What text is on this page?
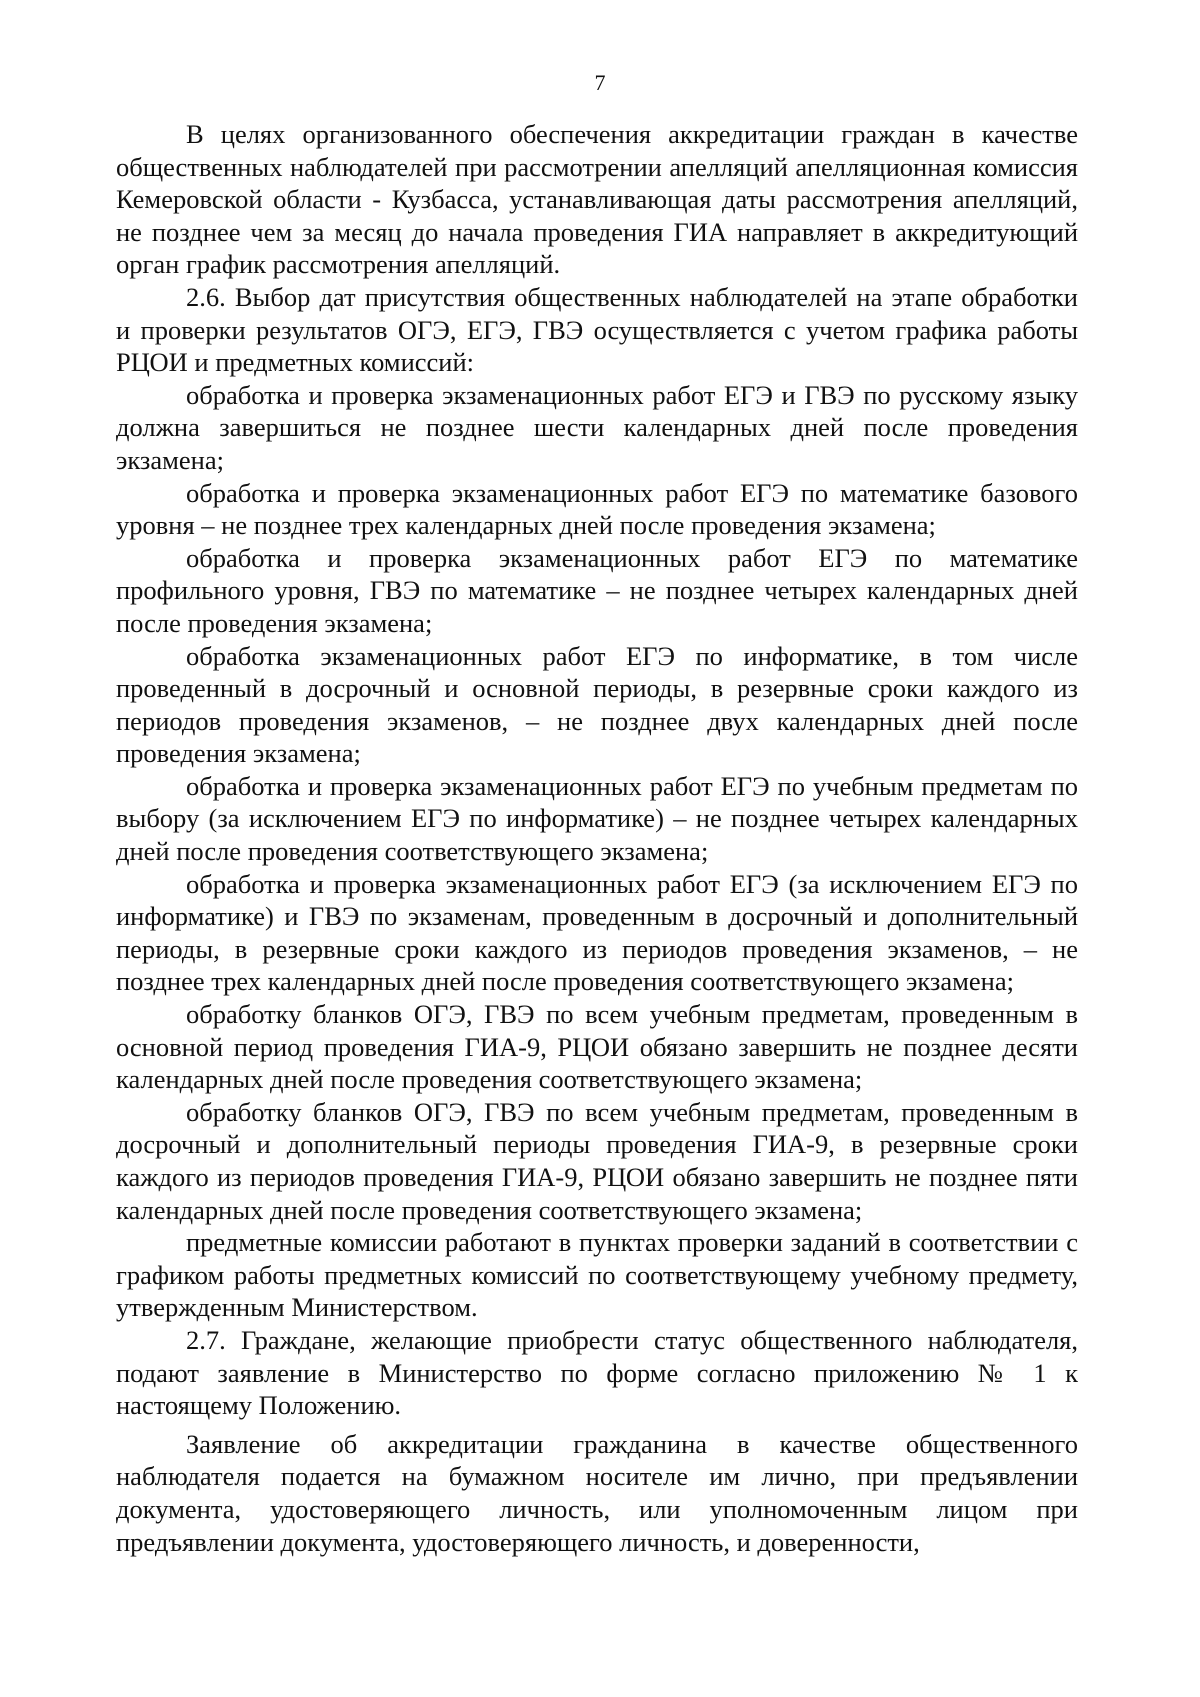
7

В целях организованного обеспечения аккредитации граждан в качестве общественных наблюдателей при рассмотрении апелляций апелляционная комиссия Кемеровской области - Кузбасса, устанавливающая даты рассмотрения апелляций, не позднее чем за месяц до начала проведения ГИА направляет в аккредитующий орган график рассмотрения апелляций.

2.6. Выбор дат присутствия общественных наблюдателей на этапе обработки и проверки результатов ОГЭ, ЕГЭ, ГВЭ осуществляется с учетом графика работы РЦОИ и предметных комиссий:

обработка и проверка экзаменационных работ ЕГЭ и ГВЭ по русскому языку должна завершиться не позднее шести календарных дней после проведения экзамена;

обработка и проверка экзаменационных работ ЕГЭ по математике базового уровня – не позднее трех календарных дней после проведения экзамена;

обработка и проверка экзаменационных работ ЕГЭ по математике профильного уровня, ГВЭ по математике – не позднее четырех календарных дней после проведения экзамена;

обработка экзаменационных работ ЕГЭ по информатике, в том числе проведенный в досрочный и основной периоды, в резервные сроки каждого из периодов проведения экзаменов, – не позднее двух календарных дней после проведения экзамена;

обработка и проверка экзаменационных работ ЕГЭ по учебным предметам по выбору (за исключением ЕГЭ по информатике) – не позднее четырех календарных дней после проведения соответствующего экзамена;

обработка и проверка экзаменационных работ ЕГЭ (за исключением ЕГЭ по информатике) и ГВЭ по экзаменам, проведенным в досрочный и дополнительный периоды, в резервные сроки каждого из периодов проведения экзаменов, – не позднее трех календарных дней после проведения соответствующего экзамена;

обработку бланков ОГЭ, ГВЭ по всем учебным предметам, проведенным в основной период проведения ГИА-9, РЦОИ обязано завершить не позднее десяти календарных дней после проведения соответствующего экзамена;

обработку бланков ОГЭ, ГВЭ по всем учебным предметам, проведенным в досрочный и дополнительный периоды проведения ГИА-9, в резервные сроки каждого из периодов проведения ГИА-9, РЦОИ обязано завершить не позднее пяти календарных дней после проведения соответствующего экзамена;

предметные комиссии работают в пунктах проверки заданий в соответствии с графиком работы предметных комиссий по соответствующему учебному предмету, утвержденным Министерством.

2.7. Граждане, желающие приобрести статус общественного наблюдателя, подают заявление в Министерство по форме согласно приложению № 1 к настоящему Положению.

Заявление об аккредитации гражданина в качестве общественного наблюдателя подается на бумажном носителе им лично, при предъявлении документа, удостоверяющего личность, или уполномоченным лицом при предъявлении документа, удостоверяющего личность, и доверенности,
